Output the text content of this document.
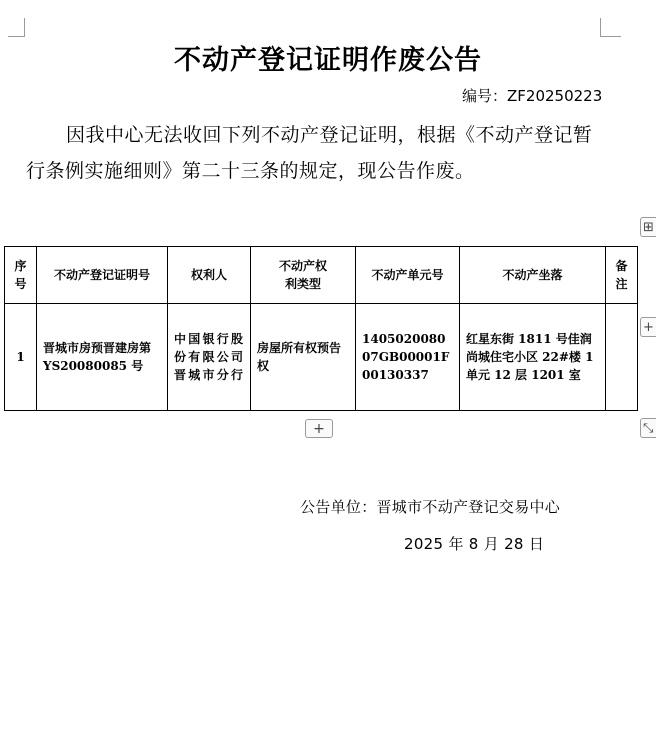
不动产登记证明作废公告
编号：ZF20250223
因我中心无法收回下列不动产登记证明，根据《不动产登记暂行条例实施细则》第二十三条的规定，现公告作废。
⊞
序号	不动产登记证明号	权利人	不动产权利类型	不动产单元号	不动产坐落	备注
1	晋城市房预晋建房第 YS20080085 号	中国银行股份有限公司晋城市分行	房屋所有权预告权	140502008007GB00001F00130337	红星东街 1811 号佳润尚城住宅小区 22#楼 1 单元 12 层 1201 室	
+
⤡
+
公告单位：晋城市不动产登记交易中心
2025 年 8 月 28 日
